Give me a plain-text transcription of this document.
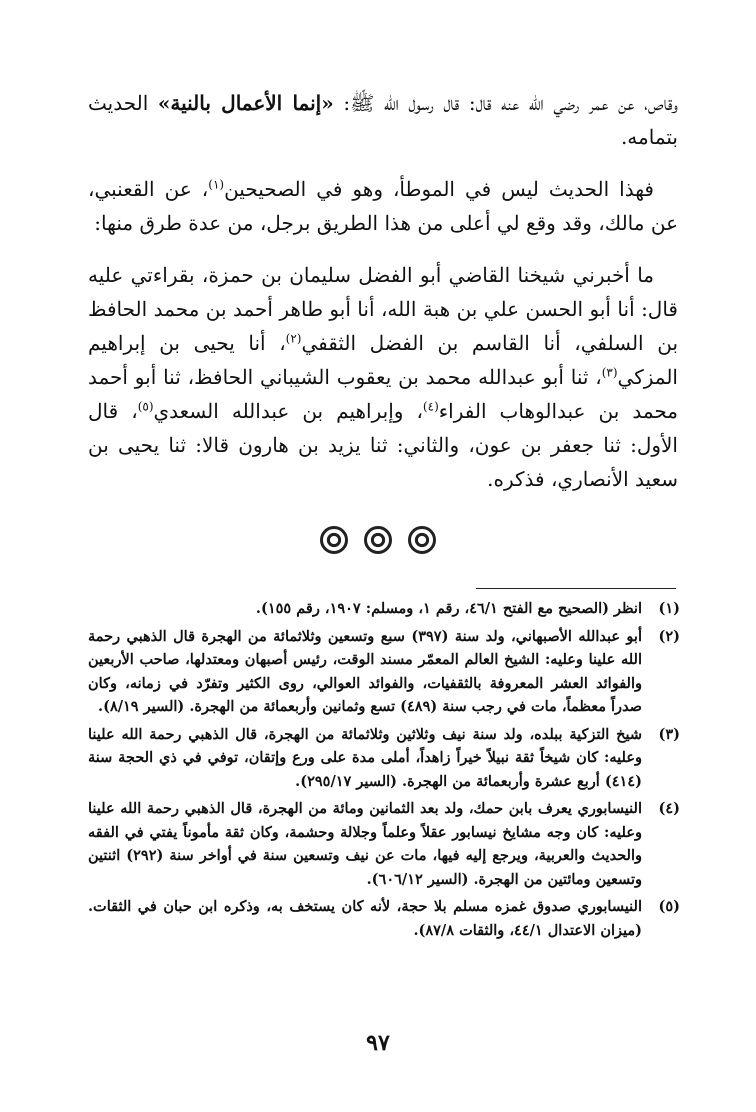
وقاص، عن عمر رضي الله عنه قال: قال رسول الله ﷺ: «إنما الأعمال بالنية» الحديث بتمامه.

فهذا الحديث ليس في الموطأ، وهو في الصحيحين$^{(١)}$، عن القعنبي، عن مالك، وقد وقع لي أعلى من هذا الطريق برجل، من عدة طرق منها:

ما أخبرني شيخنا القاضي أبو الفضل سليمان بن حمزة، بقراءتي عليه قال: أنا أبو الحسن علي بن هبة الله، أنا أبو طاهر أحمد بن محمد الحافظ بن السلفي، أنا القاسم بن الفضل الثقفي$^{(٢)}$، أنا يحيى بن إبراهيم المزكي$^{(٣)}$، ثنا أبو عبدالله محمد بن يعقوب الشيباني الحافظ، ثنا أبو أحمد محمد بن عبدالوهاب الفراء$^{(٤)}$، وإبراهيم بن عبدالله السعدي$^{(٥)}$، قال الأول: ثنا جعفر بن عون، والثاني: ثنا يزيد بن هارون قالا: ثنا يحيى بن سعيد الأنصاري، فذكره.

(١)
انظر (الصحيح مع الفتح ٤٦/١، رقم ١، ومسلم: ١٩٠٧، رقم ١٥٥).
(٢)
أبو عبدالله الأصبهاني، ولد سنة (٣٩٧) سبع وتسعين وثلاثمائة من الهجرة قال الذهبي رحمة الله علينا وعليه: الشيخ العالم المعمّر مسند الوقت، رئيس أصبهان ومعتدلها، صاحب الأربعين والفوائد العشر المعروفة بالثقفيات، والفوائد العوالي، روى الكثير وتفرّد في زمانه، وكان صدراً معظماً، مات في رجب سنة (٤٨٩) تسع وثمانين وأربعمائة من الهجرة. (السير ٨/١٩).
(٣)
شيخ التزكية ببلده، ولد سنة نيف وثلاثين وثلاثمائة من الهجرة، قال الذهبي رحمة الله علينا وعليه: كان شيخاً ثقة نبيلاً خيراً زاهداً، أملى مدة على ورع وإتقان، توفي في ذي الحجة سنة (٤١٤) أربع عشرة وأربعمائة من الهجرة. (السير ٢٩٥/١٧).
(٤)
النيسابوري يعرف بابن حمك، ولد بعد الثمانين ومائة من الهجرة، قال الذهبي رحمة الله علينا وعليه: كان وجه مشايخ نيسابور عقلاً وعلماً وجلالة وحشمة، وكان ثقة مأموناً يفتي في الفقه والحديث والعربية، ويرجع إليه فيها، مات عن نيف وتسعين سنة في أواخر سنة (٢٩٢) اثنتين وتسعين ومائتين من الهجرة. (السير ٦٠٦/١٢).
(٥)
النيسابوري صدوق غمزه مسلم بلا حجة، لأنه كان يستخف به، وذكره ابن حبان في الثقات. (ميزان الاعتدال ٤٤/١، والثقات ٨٧/٨).
٩٧
